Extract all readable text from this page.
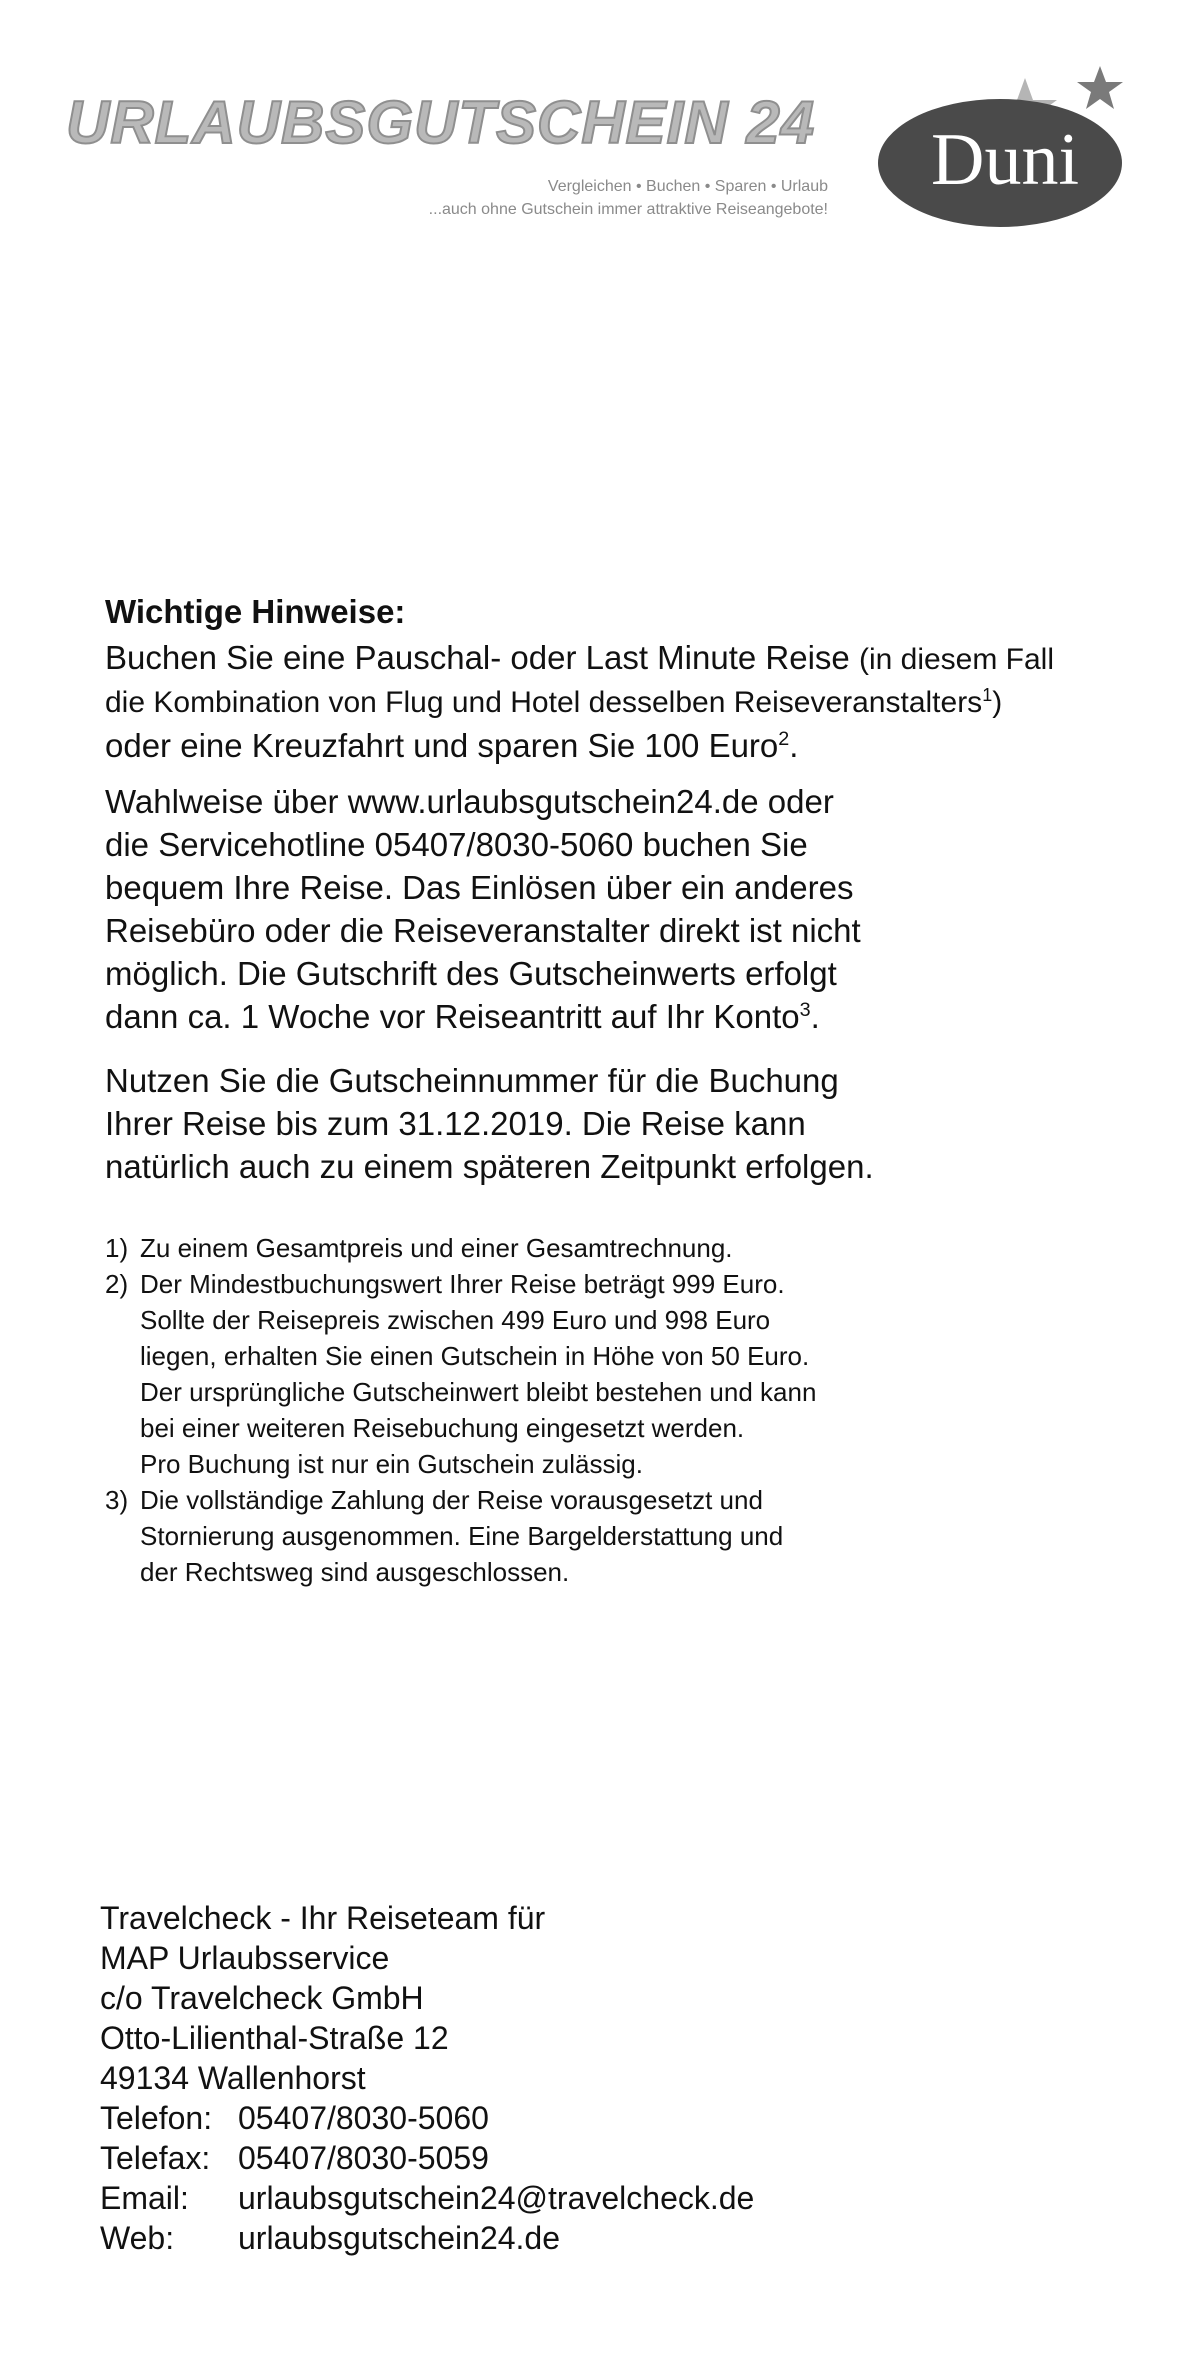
URLAUBSGUTSCHEIN 24
Vergleichen • Buchen • Sparen • Urlaub
...auch ohne Gutschein immer attraktive Reiseangebote!
Duni
Wichtige Hinweise:
Buchen Sie eine Pauschal- oder Last Minute Reise (in diesem Fall
die Kombination von Flug und Hotel desselben Reiseveranstalters$^1$)
oder eine Kreuzfahrt und sparen Sie 100 Euro$^2$.
Wahlweise über www.urlaubsgutschein24.de oder
die Servicehotline 05407/8030-5060 buchen Sie
bequem Ihre Reise. Das Einlösen über ein anderes
Reisebüro oder die Reiseveranstalter direkt ist nicht
möglich. Die Gutschrift des Gutscheinwerts erfolgt
dann ca. 1 Woche vor Reiseantritt auf Ihr Konto$^3$.
Nutzen Sie die Gutscheinnummer für die Buchung
Ihrer Reise bis zum 31.12.2019. Die Reise kann
natürlich auch zu einem späteren Zeitpunkt erfolgen.
1) Zu einem Gesamtpreis und einer Gesamtrechnung.
2) Der Mindestbuchungswert Ihrer Reise beträgt 999 Euro.
Sollte der Reisepreis zwischen 499 Euro und 998 Euro
liegen, erhalten Sie einen Gutschein in Höhe von 50 Euro.
Der ursprüngliche Gutscheinwert bleibt bestehen und kann
bei einer weiteren Reisebuchung eingesetzt werden.
Pro Buchung ist nur ein Gutschein zulässig.
3) Die vollständige Zahlung der Reise vorausgesetzt und
Stornierung ausgenommen. Eine Bargelderstattung und
der Rechtsweg sind ausgeschlossen.
Travelcheck - Ihr Reiseteam für
MAP Urlaubsservice
c/o Travelcheck GmbH
Otto-Lilienthal-Straße 12
49134 Wallenhorst
Telefon: 05407/8030-5060
Telefax: 05407/8030-5059
Email:	urlaubsgutschein24@travelcheck.de
Web:	urlaubsgutschein24.de
